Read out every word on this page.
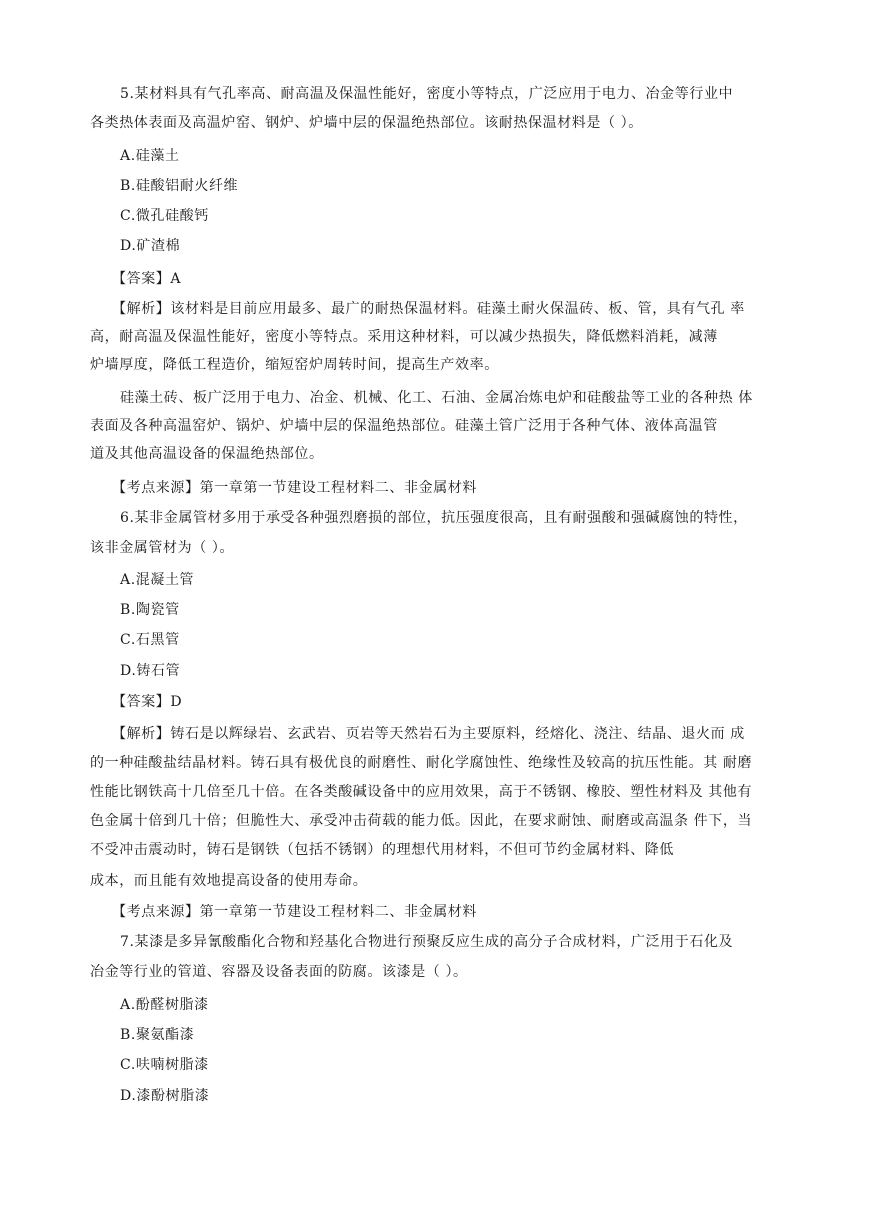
5.某材料具有气孔率高、耐高温及保温性能好，密度小等特点，广泛应用于电力、冶金等行业中
各类热体表面及高温炉窑、钢炉、炉墙中层的保温绝热部位。该耐热保温材料是（ ）。
A.硅藻土
B.硅酸铝耐火纤维
C.微孔硅酸钙
D.矿渣棉
【答案】A
【解析】该材料是目前应用最多、最广的耐热保温材料。硅藻土耐火保温砖、板、管，具有气孔 率
高，耐高温及保温性能好，密度小等特点。采用这种材料，可以减少热损失，降低燃料消耗，减薄
炉墙厚度，降低工程造价，缩短窑炉周转时间，提高生产效率。
硅藻土砖、板广泛用于电力、冶金、机械、化工、石油、金属冶炼电炉和硅酸盐等工业的各种热 体
表面及各种高温窑炉、锅炉、炉墙中层的保温绝热部位。硅藻土管广泛用于各种气体、液体高温管
道及其他高温设备的保温绝热部位。
【考点来源】第一章第一节建设工程材料二、非金属材料
6.某非金属管材多用于承受各种强烈磨损的部位，抗压强度很高，且有耐强酸和强碱腐蚀的特性，
该非金属管材为（ ）。
A.混凝土管
B.陶瓷管
C.石黑管
D.铸石管
【答案】D
【解析】铸石是以辉绿岩、玄武岩、页岩等天然岩石为主要原料，经熔化、浇注、结晶、退火而 成
的一种硅酸盐结晶材料。铸石具有极优良的耐磨性、耐化学腐蚀性、绝缘性及较高的抗压性能。其 耐磨
性能比钢铁高十几倍至几十倍。在各类酸碱设备中的应用效果，高于不锈钢、橡胶、塑性材料及 其他有
色金属十倍到几十倍；但脆性大、承受冲击荷载的能力低。因此，在要求耐蚀、耐磨或高温条 件下，当
不受冲击震动时，铸石是钢铁（包括不锈钢）的理想代用材料，不但可节约金属材料、降低
成本，而且能有效地提高设备的使用寿命。
【考点来源】第一章第一节建设工程材料二、非金属材料
7.某漆是多异氰酸酯化合物和羟基化合物进行预聚反应生成的高分子合成材料，广泛用于石化及
冶金等行业的管道、容器及设备表面的防腐。该漆是（ ）。
A.酚醛树脂漆
B.聚氨酯漆
C.呋喃树脂漆
D.漆酚树脂漆
